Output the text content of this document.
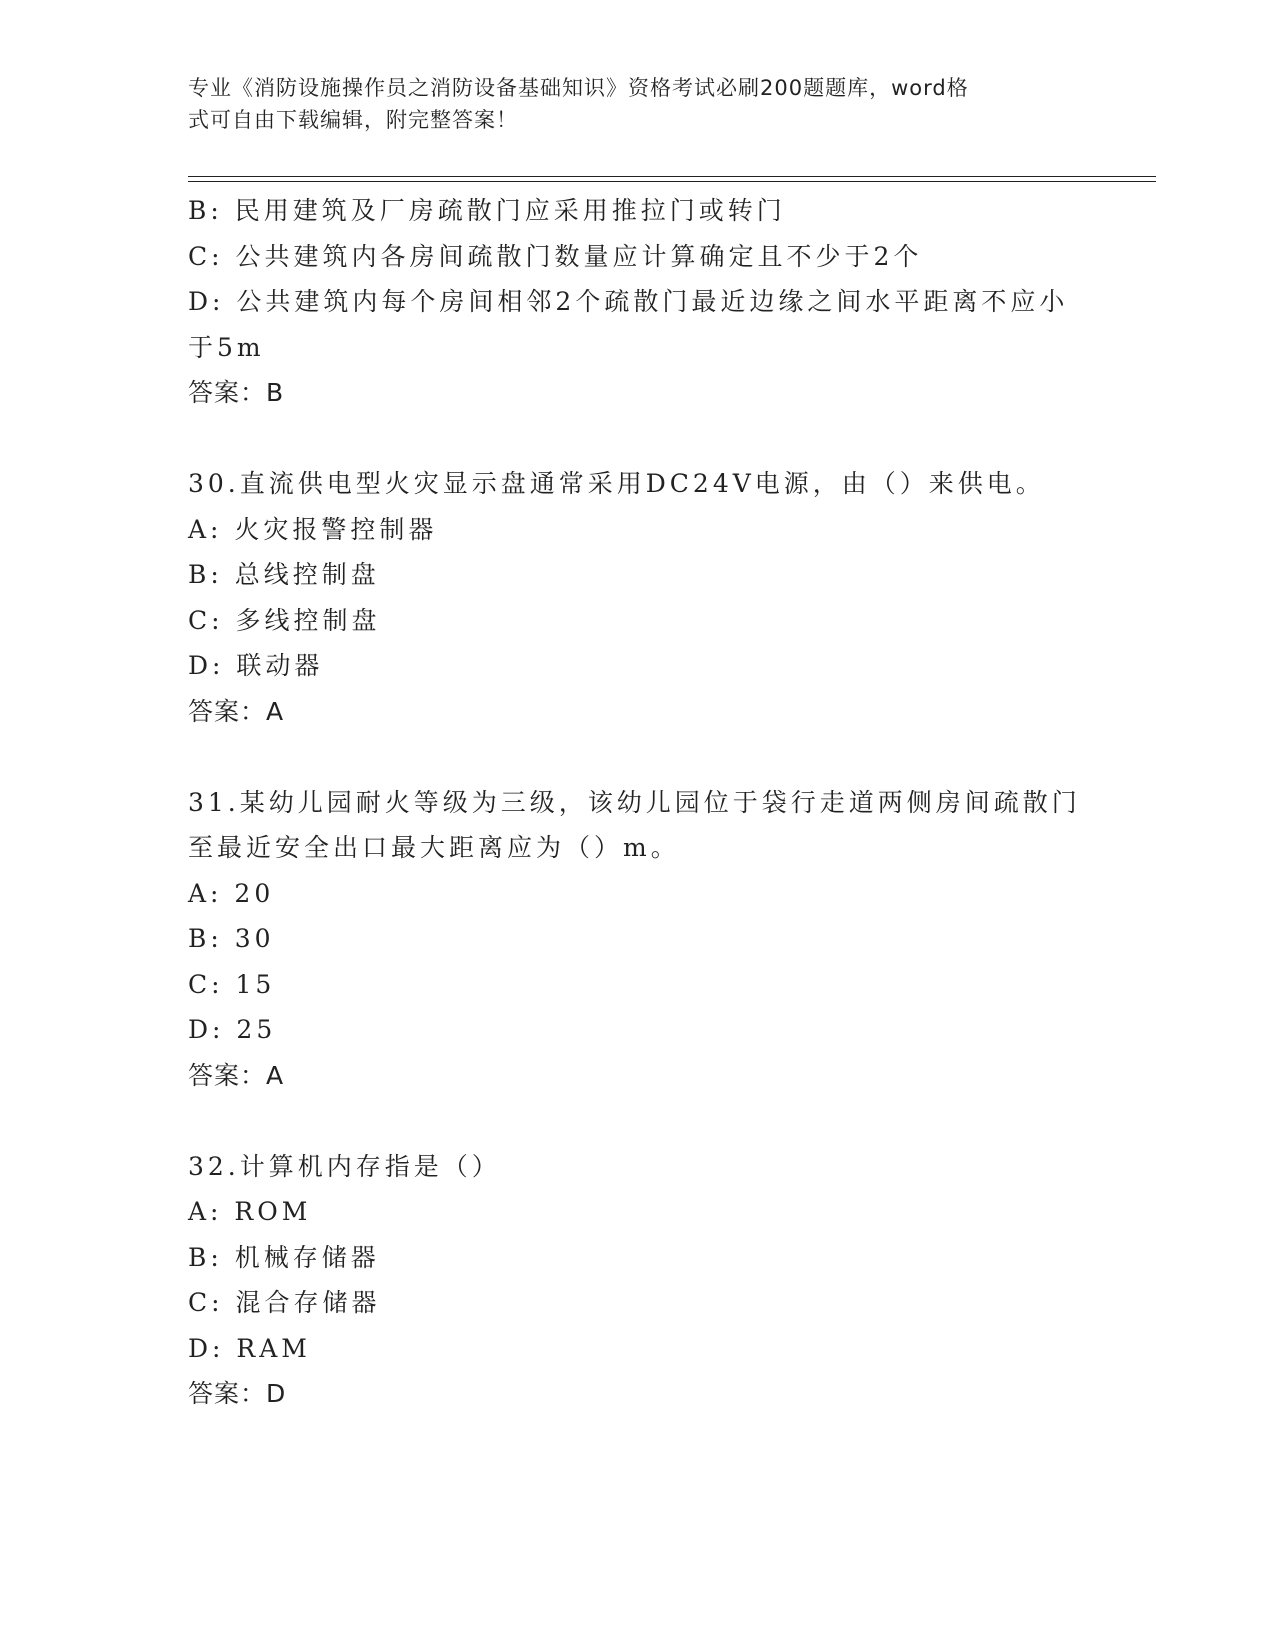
专业《消防设施操作员之消防设备基础知识》资格考试必刷200题题库，word格
式可自由下载编辑，附完整答案！
B: 民用建筑及厂房疏散门应采用推拉门或转门
C: 公共建筑内各房间疏散门数量应计算确定且不少于2个
D: 公共建筑内每个房间相邻2个疏散门最近边缘之间水平距离不应小
于5m
答案：B
30.直流供电型火灾显示盘通常采用DC24V电源，由（）来供电。
A: 火灾报警控制器
B: 总线控制盘
C: 多线控制盘
D: 联动器
答案：A
31.某幼儿园耐火等级为三级，该幼儿园位于袋行走道两侧房间疏散门
至最近安全出口最大距离应为（）m。
A: 20
B: 30
C: 15
D: 25
答案：A
32.计算机内存指是（）
A: ROM
B: 机械存储器
C: 混合存储器
D: RAM
答案：D
